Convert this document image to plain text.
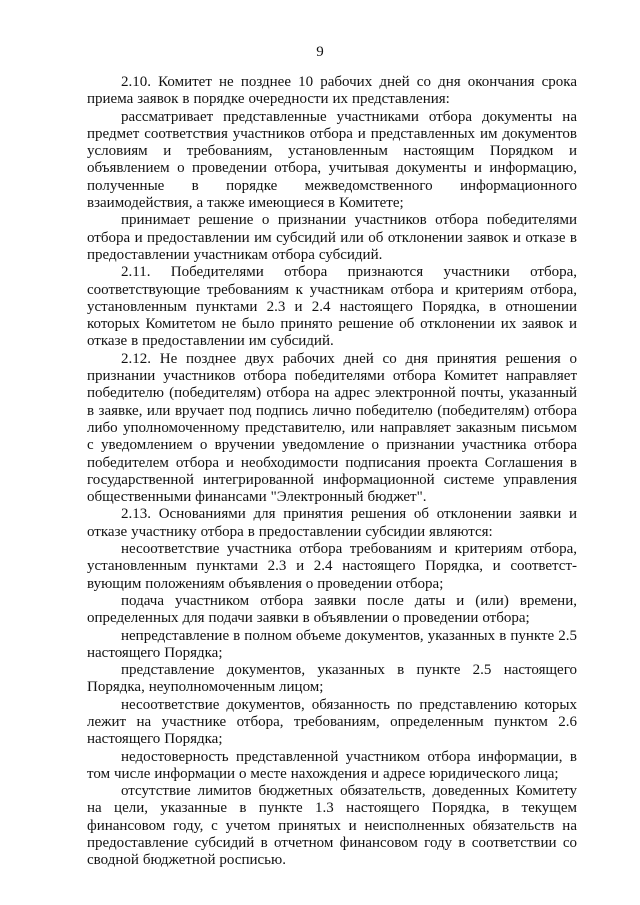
9

2.10. Комитет не позднее 10 рабочих дней со дня окончания срока приема заявок в порядке очередности их представления:

рассматривает представленные участниками отбора документы на предмет соответствия участников отбора и представленных им документов условиям и требованиям, установленным настоящим Порядком и объявлением о проведении отбора, учитывая документы и информацию, полученные в порядке межведомственного информационного взаимодействия, а также имеющиеся в Комитете;

принимает решение о признании участников отбора победителями отбора и предоставлении им субсидий или об отклонении заявок и отказе в предоставлении участникам отбора субсидий.

2.11. Победителями отбора признаются участники отбора, соответствующие требованиям к участникам отбора и критериям отбора, установленным пунктами 2.3 и 2.4 настоящего Порядка, в отношении которых Комитетом не было принято решение об отклонении их заявок и отказе в предоставлении им субсидий.

2.12. Не позднее двух рабочих дней со дня принятия решения о признании участников отбора победителями отбора Комитет направляет победителю (победителям) отбора на адрес электронной почты, указанный в заявке, или вручает под подпись лично победителю (победителям) отбора либо уполномоченному представителю, или направляет заказным письмом с уведомлением о вручении уведомление о признании участника отбора победителем отбора и необходимости подписания проекта Соглашения в государственной интегрированной информационной системе управления общественными финансами "Электронный бюджет".

2.13. Основаниями для принятия решения об отклонении заявки и отказе участнику отбора в предоставлении субсидии являются:

несоответствие участника отбора требованиям и критериям отбора, установленным пунктами 2.3 и 2.4 настоящего Порядка, и соответствующим положениям объявления о проведении отбора;

подача участником отбора заявки после даты и (или) времени, определенных для подачи заявки в объявлении о проведении отбора;

непредставление в полном объеме документов, указанных в пункте 2.5 настоящего Порядка;

представление документов, указанных в пункте 2.5 настоящего Порядка, неуполномоченным лицом;

несоответствие документов, обязанность по представлению которых лежит на участнике отбора, требованиям, определенным пунктом 2.6 настоящего Порядка;

недостоверность представленной участником отбора информации, в том числе информации о месте нахождения и адресе юридического лица;

отсутствие лимитов бюджетных обязательств, доведенных Комитету на цели, указанные в пункте 1.3 настоящего Порядка, в текущем финансовом году, с учетом принятых и неисполненных обязательств на предоставление субсидий в отчетном финансовом году в соответствии со сводной бюджетной росписью.
